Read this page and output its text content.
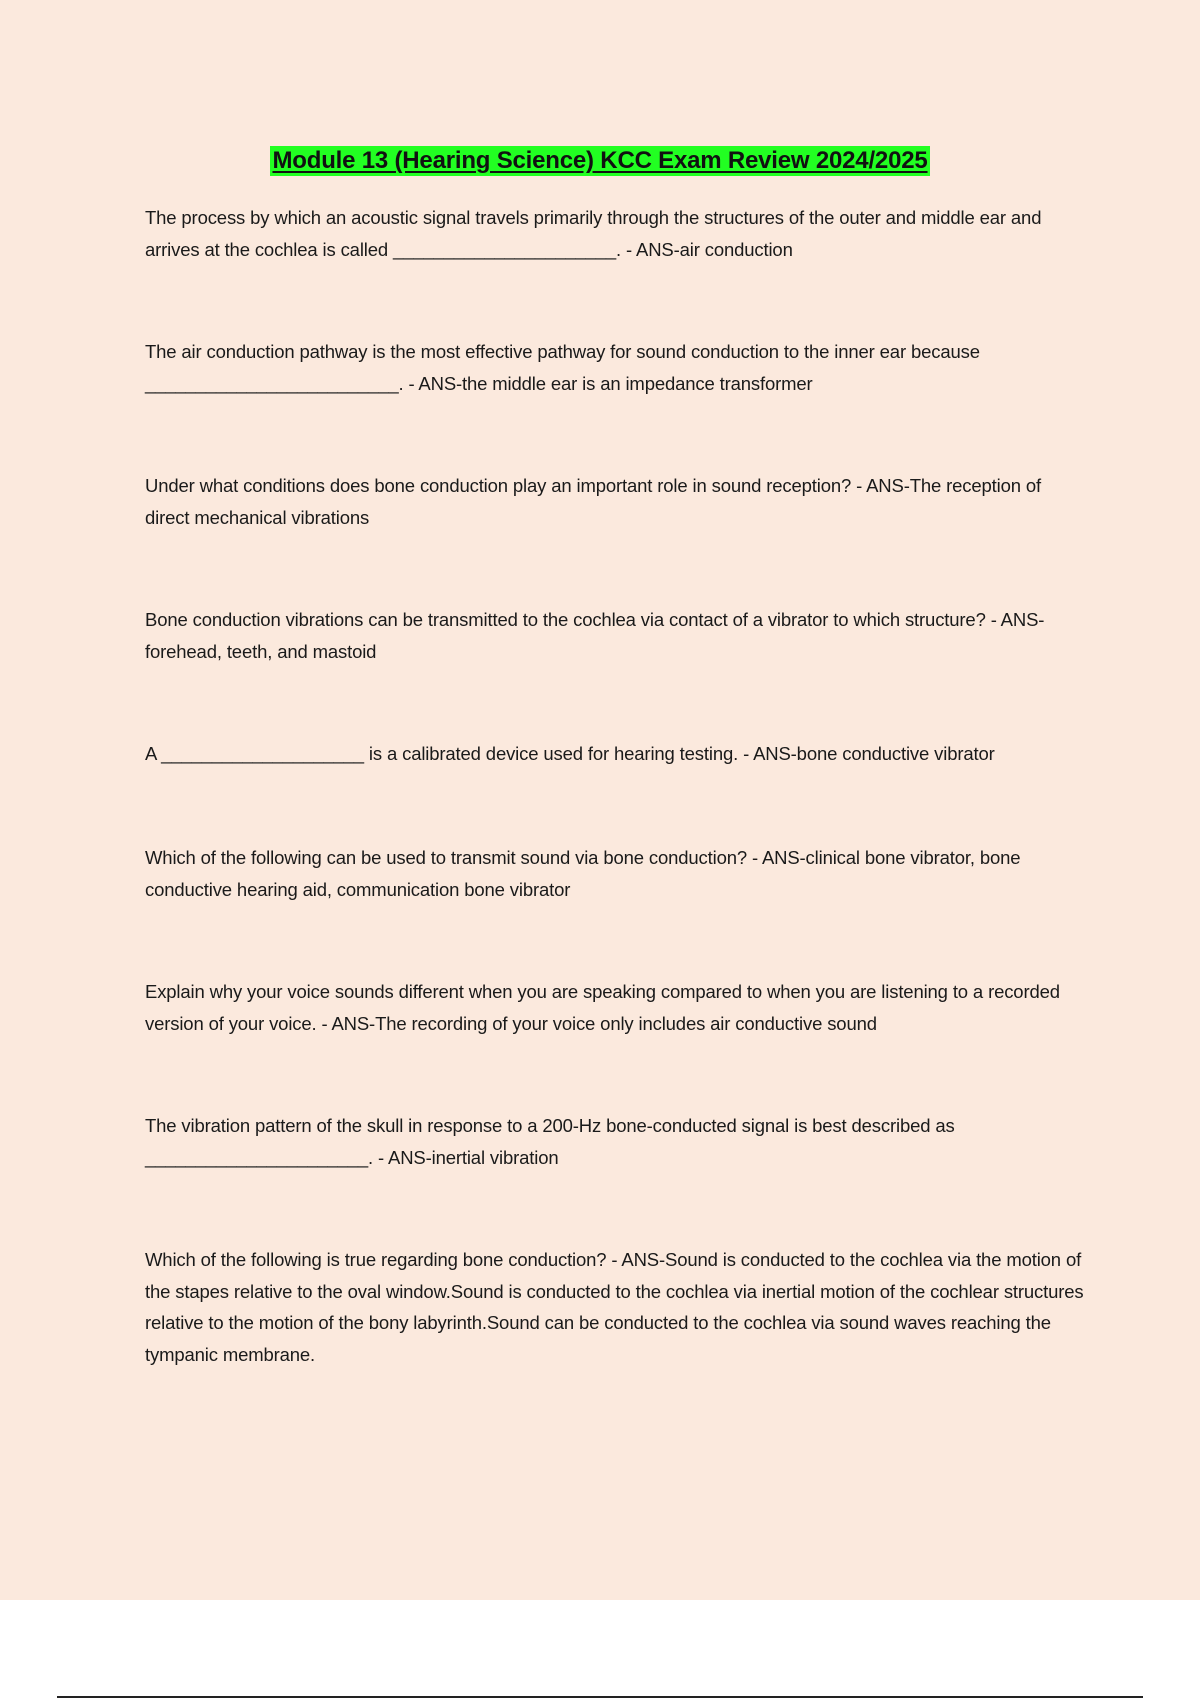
Module 13 (Hearing Science) KCC Exam Review 2024/2025

The process by which an acoustic signal travels primarily through the structures of the outer and middle ear and arrives at the cochlea is called ______________________. - ANS-air conduction

The air conduction pathway is the most effective pathway for sound conduction to the inner ear because _________________________. - ANS-the middle ear is an impedance transformer

Under what conditions does bone conduction play an important role in sound reception? - ANS-The reception of direct mechanical vibrations

Bone conduction vibrations can be transmitted to the cochlea via contact of a vibrator to which structure? - ANS-forehead, teeth, and mastoid

A ____________________ is a calibrated device used for hearing testing. - ANS-bone conductive vibrator

Which of the following can be used to transmit sound via bone conduction? - ANS-clinical bone vibrator, bone conductive hearing aid, communication bone vibrator

Explain why your voice sounds different when you are speaking compared to when you are listening to a recorded version of your voice. - ANS-The recording of your voice only includes air conductive sound

The vibration pattern of the skull in response to a 200-Hz bone-conducted signal is best described as ______________________. - ANS-inertial vibration

Which of the following is true regarding bone conduction? - ANS-Sound is conducted to the cochlea via the motion of the stapes relative to the oval window.Sound is conducted to the cochlea via inertial motion of the cochlear structures relative to the motion of the bony labyrinth.Sound can be conducted to the cochlea via sound waves reaching the tympanic membrane.
